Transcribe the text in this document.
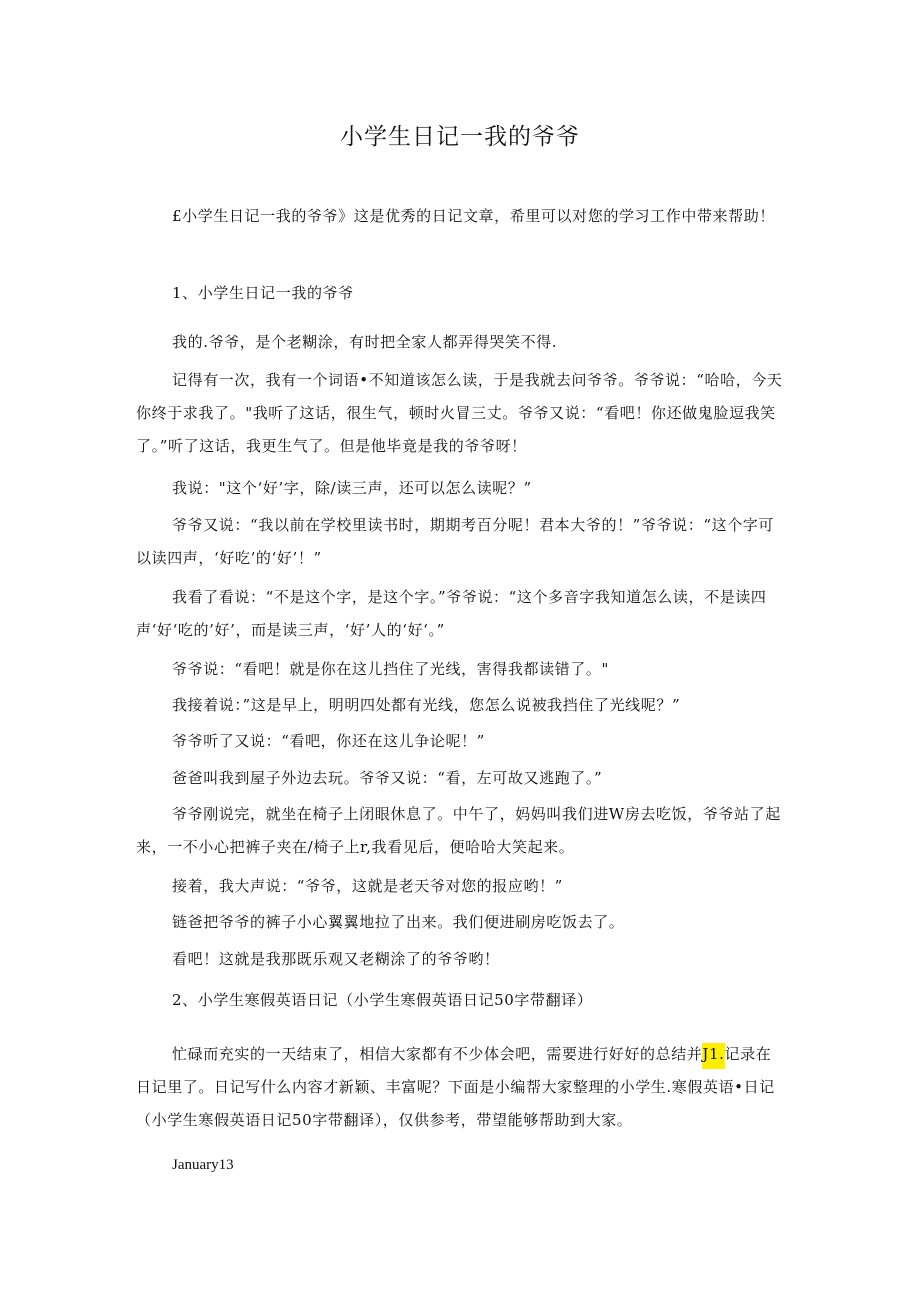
小学生日记一我的爷爷

£小学生日记一我的爷爷》这是优秀的日记文章，希里可以对您的学习工作中带来帮助！

1、小学生日记一我的爷爷

我的.爷爷，是个老糊涂，有时把全家人都弄得哭笑不得.

记得有一次，我有一个词语•不知道该怎么读，于是我就去问爷爷。爷爷说：“哈哈，今天你终于求我了。"我听了这话，很生气，顿时火冒三丈。爷爷又说：“看吧！你还做鬼脸逗我笑了。”听了这话，我更生气了。但是他毕竟是我的爷爷呀！

我说："这个‘好’字，除/读三声，还可以怎么读呢？”

爷爷又说：“我以前在学校里读书时，期期考百分呢！君本大爷的！”爷爷说：“这个字可以读四声，‘好吃’的‘好’！”

我看了看说：“不是这个字，是这个字。”爷爷说：“这个多音字我知道怎么读，不是读四声‘好‘吃的’好’，而是读三声，‘好’人的‘好‘。”

爷爷说：“看吧！就是你在这儿挡住了光线，害得我都读错了。"

我接着说：”这是早上，明明四处都有光线，您怎么说被我挡住了光线呢？”

爷爷听了又说：“看吧，你还在这儿争论呢！”

爸爸叫我到屋子外边去玩。爷爷又说：“看，左可故又逃跑了。”

爷爷刚说完，就坐在椅子上闭眼休息了。中午了，妈妈叫我们进W房去吃饭，爷爷站了起来，一不小心把裤子夹在/椅子上r,我看见后，便哈哈大笑起来。

接着，我大声说：“爷爷，这就是老天爷对您的报应哟！”

链爸把爷爷的裤子小心翼翼地拉了出来。我们便进刷房吃饭去了。

看吧！这就是我那既乐观又老糊涂了的爷爷哟！

2、小学生寒假英语日记（小学生寒假英语日记50字带翻译）

忙碌而充实的一天结束了，相信大家都有不少体会吧，需要进行好好的总结并J1.记录在日记里了。日记写什么内容才新颖、丰富呢？下面是小编帮大家整理的小学生.寒假英语•日记（小学生寒假英语日记50字带翻译），仅供参考，带望能够帮助到大家。

January13
